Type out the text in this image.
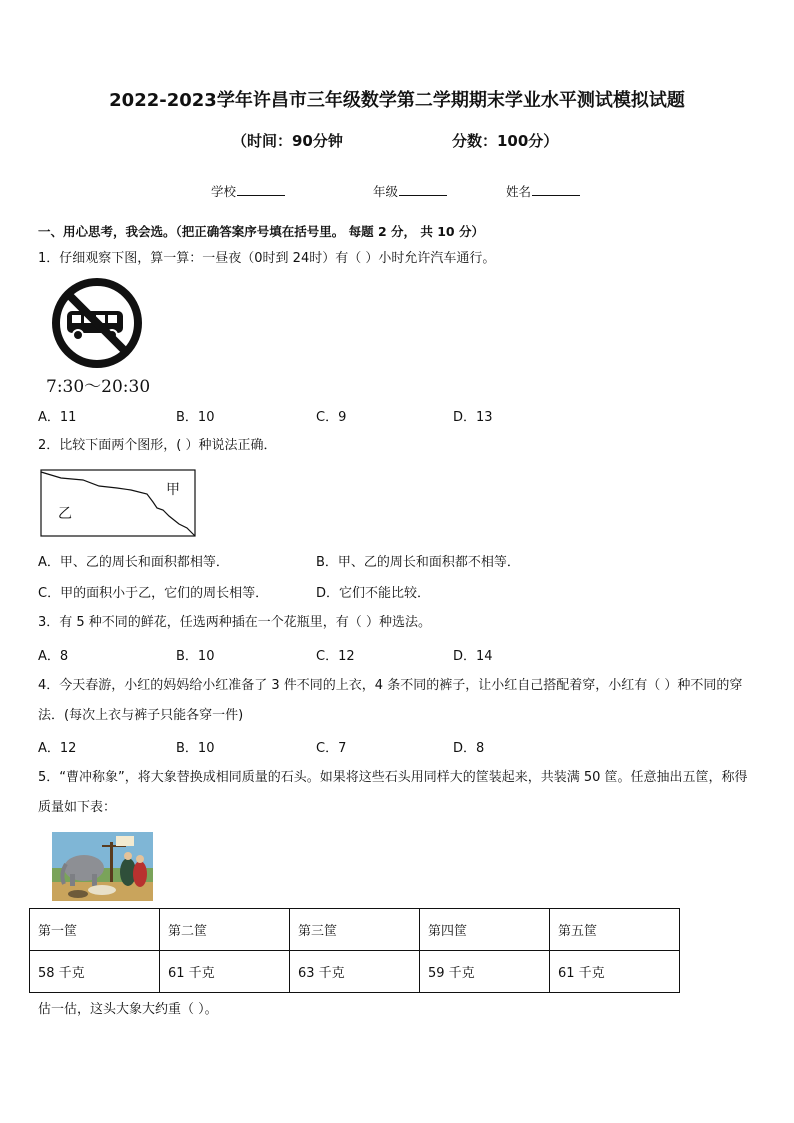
2022-2023学年许昌市三年级数学第二学期期末学业水平测试模拟试题
（时间：90分钟	分数：100分）
学校	年级	姓名
一、用心思考，我会选。（把正确答案序号填在括号里。 每题 2 分， 共 10 分）
1．仔细观察下图，算一算：一昼夜（0时到 24时）有（ ）小时允许汽车通行。
7:30～20:30
A．11	B．10	C．9	D．13
2．比较下面两个图形，( ）种说法正确．
甲
乙
A．甲、乙的周长和面积都相等．	B．甲、乙的周长和面积都不相等．
C．甲的面积小于乙，它们的周长相等．	D．它们不能比较．
3．有 5 种不同的鲜花，任选两种插在一个花瓶里，有（ ）种选法。
A．8	B．10	C．12	D．14
4．今天春游，小红的妈妈给小红准备了 3 件不同的上衣，4 条不同的裤子，让小红自己搭配着穿，小红有（ ）种不同的穿法．(每次上衣与裤子只能各穿一件)
A．12	B．10	C．7	D．8
5．“曹冲称象”，将大象替换成相同质量的石头。如果将这些石头用同样大的筐装起来，共装满 50 筐。任意抽出五筐，称得质量如下表：
第一筐	第二筐	第三筐	第四筐	第五筐
58 千克	61 千克	63 千克	59 千克	61 千克
估一估，这头大象大约重（ ）。
